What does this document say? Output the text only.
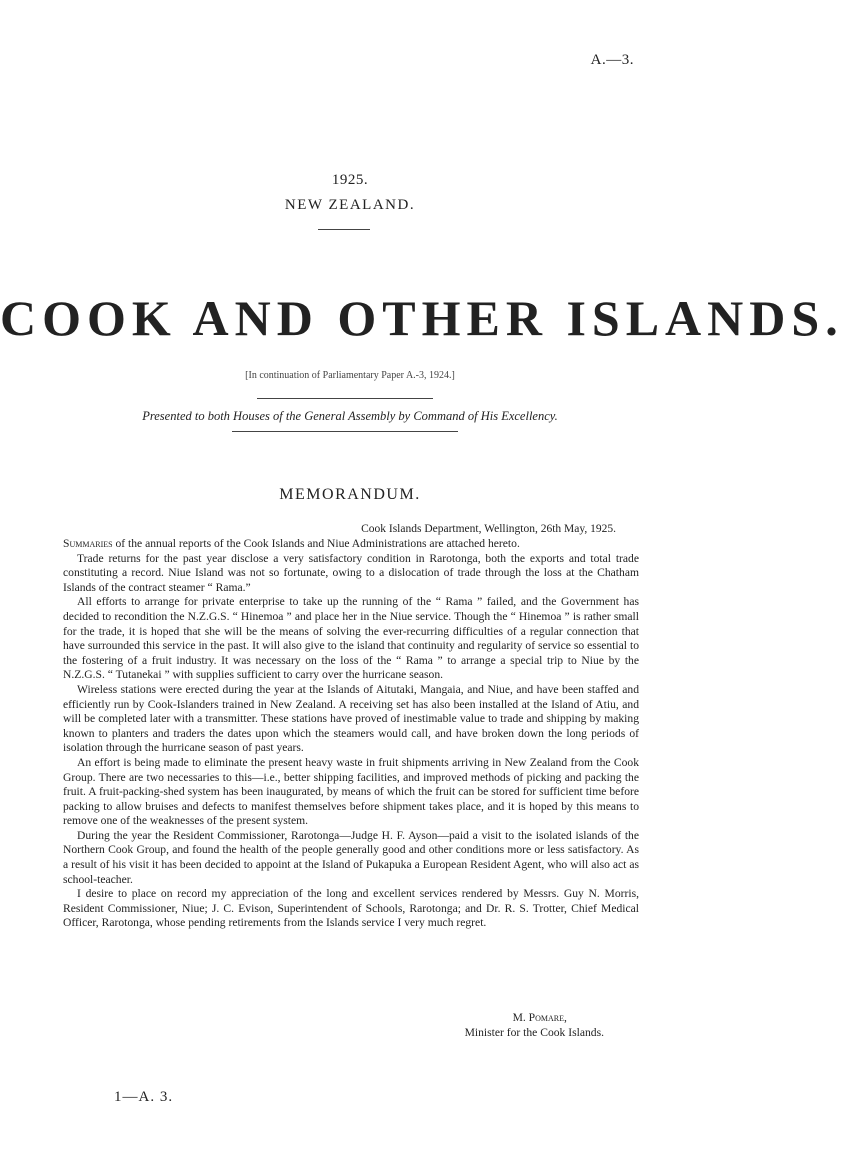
A.—3.
1925.
NEW ZEALAND.
COOK AND OTHER ISLANDS.
[In continuation of Parliamentary Paper A.-3, 1924.]
Presented to both Houses of the General Assembly by Command of His Excellency.
MEMORANDUM.
Cook Islands Department, Wellington, 26th May, 1925.

Summaries of the annual reports of the Cook Islands and Niue Administrations are attached hereto.

Trade returns for the past year disclose a very satisfactory condition in Rarotonga, both the exports and total trade constituting a record. Niue Island was not so fortunate, owing to a dislocation of trade through the loss at the Chatham Islands of the contract steamer “ Rama.”

All efforts to arrange for private enterprise to take up the running of the “ Rama ” failed, and the Government has decided to recondition the N.Z.G.S. “ Hinemoa ” and place her in the Niue service. Though the “ Hinemoa ” is rather small for the trade, it is hoped that she will be the means of solving the ever-recurring difficulties of a regular connection that have surrounded this service in the past. It will also give to the island that continuity and regularity of service so essential to the fostering of a fruit industry. It was necessary on the loss of the “ Rama ” to arrange a special trip to Niue by the N.Z.G.S. “ Tutanekai ” with supplies sufficient to carry over the hurricane season.

Wireless stations were erected during the year at the Islands of Aitutaki, Mangaia, and Niue, and have been staffed and efficiently run by Cook-Islanders trained in New Zealand. A receiving set has also been installed at the Island of Atiu, and will be completed later with a transmitter. These stations have proved of inestimable value to trade and shipping by making known to planters and traders the dates upon which the steamers would call, and have broken down the long periods of isolation through the hurricane season of past years.

An effort is being made to eliminate the present heavy waste in fruit shipments arriving in New Zealand from the Cook Group. There are two necessaries to this—i.e., better shipping facilities, and improved methods of picking and packing the fruit. A fruit-packing-shed system has been inaugurated, by means of which the fruit can be stored for sufficient time before packing to allow bruises and defects to manifest themselves before shipment takes place, and it is hoped by this means to remove one of the weaknesses of the present system.

During the year the Resident Commissioner, Rarotonga—Judge H. F. Ayson—paid a visit to the isolated islands of the Northern Cook Group, and found the health of the people generally good and other conditions more or less satisfactory. As a result of his visit it has been decided to appoint at the Island of Pukapuka a European Resident Agent, who will also act as school-teacher.

I desire to place on record my appreciation of the long and excellent services rendered by Messrs. Guy N. Morris, Resident Commissioner, Niue; J. C. Evison, Superintendent of Schools, Rarotonga; and Dr. R. S. Trotter, Chief Medical Officer, Rarotonga, whose pending retirements from the Islands service I very much regret.

M. Pomare,
Minister for the Cook Islands.
1—A. 3.
